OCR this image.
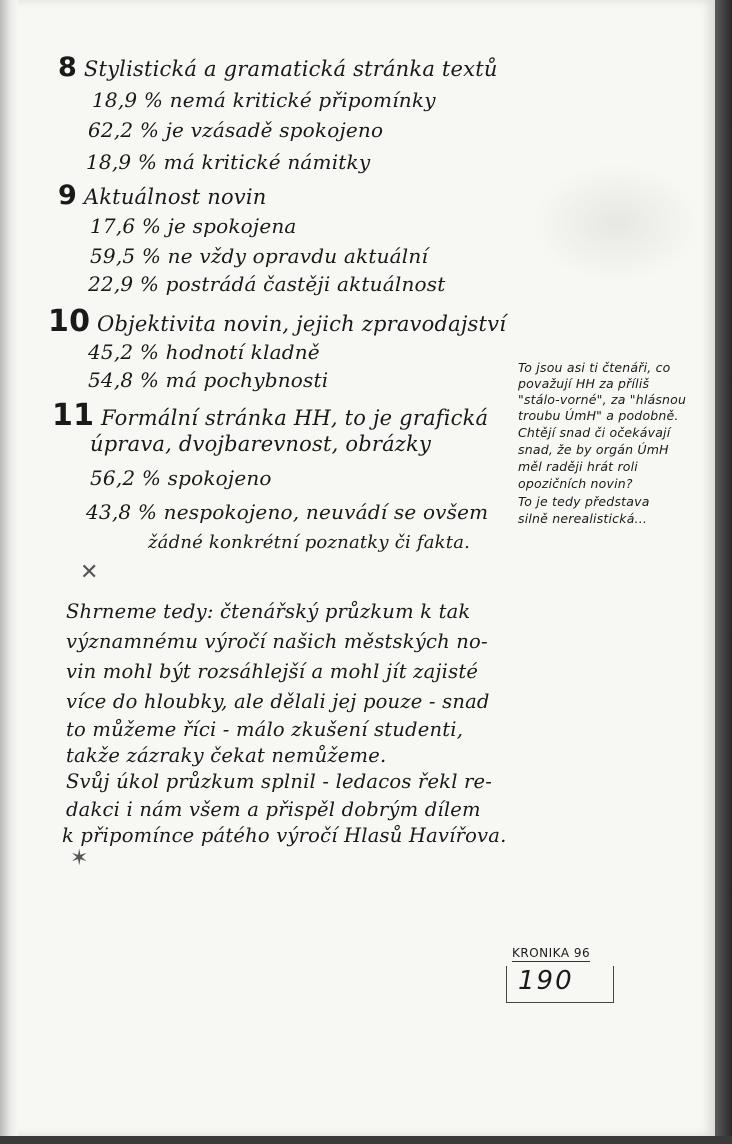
8 Stylistická a gramatická stránka textů
18,9 % nemá kritické připomínky
62,2 % je vzásadě spokojeno
18,9 % má kritické námitky
9 Aktuálnost novin
17,6 % je spokojena
59,5 % ne vždy opravdu aktuální
22,9 % postrádá častěji aktuálnost
10 Objektivita novin, jejich zpravodajství
45,2 % hodnotí kladně
54,8 % má pochybnosti
11 Formální stránka HH, to je grafická
úprava, dvojbarevnost, obrázky
56,2 % spokojeno
43,8 % nespokojeno, neuvádí se ovšem
žádné konkrétní poznatky či fakta.
To jsou asi ti čtenáři, co
považují HH za příliš
"stálo-vorné", za "hlásnou
troubu ÚmH" a podobně.
Chtějí snad či očekávají
snad, že by orgán ÚmH
měl raději hrát roli
opozičních novin?
To je tedy představa
silně nerealistická...
✕
✶
Shrneme tedy: čtenářský průzkum k tak
významnému výročí našich městských no-
vin mohl být rozsáhlejší a mohl jít zajisté
více do hloubky, ale dělali jej pouze - snad
to můžeme říci - málo zkušení studenti,
takže zázraky čekat nemůžeme.
Svůj úkol průzkum splnil - ledacos řekl re-
dakci i nám všem a přispěl dobrým dílem
k připomínce pátého výročí Hlasů Havířova.
KRONIKA 96
190
